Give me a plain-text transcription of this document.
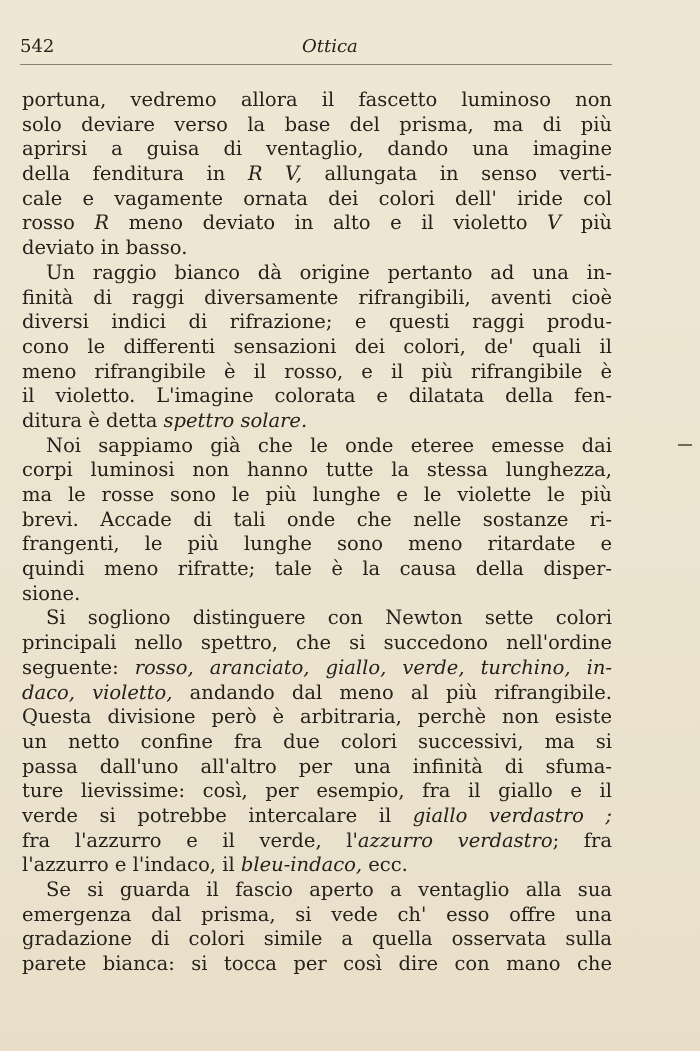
542	Ottica
portuna, vedremo allora il fascetto luminoso non
solo deviare verso la base del prisma, ma di più
aprirsi a guisa di ventaglio, dando una imagine
della fenditura in R V, allungata in senso verti-
cale e vagamente ornata dei colori dell' iride col
rosso R meno deviato in alto e il violetto V più
deviato in basso.
Un raggio bianco dà origine pertanto ad una in-
finità di raggi diversamente rifrangibili, aventi cioè
diversi indici di rifrazione; e questi raggi produ-
cono le differenti sensazioni dei colori, de' quali il
meno rifrangibile è il rosso, e il più rifrangibile è
il violetto. L'imagine colorata e dilatata della fen-
ditura è detta spettro solare.
Noi sappiamo già che le onde eteree emesse dai
corpi luminosi non hanno tutte la stessa lunghezza,
ma le rosse sono le più lunghe e le violette le più
brevi. Accade di tali onde che nelle sostanze ri-
frangenti, le più lunghe sono meno ritardate e
quindi meno rifratte; tale è la causa della disper-
sione.
Si sogliono distinguere con Newton sette colori
principali nello spettro, che si succedono nell'ordine
seguente: rosso, aranciato, giallo, verde, turchino, in-
daco, violetto, andando dal meno al più rifrangibile.
Questa divisione però è arbitraria, perchè non esiste
un netto confine fra due colori successivi, ma si
passa dall'uno all'altro per una infinità di sfuma-
ture lievissime: così, per esempio, fra il giallo e il
verde si potrebbe intercalare il giallo verdastro ;
fra l'azzurro e il verde, l'azzurro verdastro; fra
l'azzurro e l'indaco, il bleu-indaco, ecc.
Se si guarda il fascio aperto a ventaglio alla sua
emergenza dal prisma, si vede ch' esso offre una
gradazione di colori simile a quella osservata sulla
parete bianca: si tocca per così dire con mano che
